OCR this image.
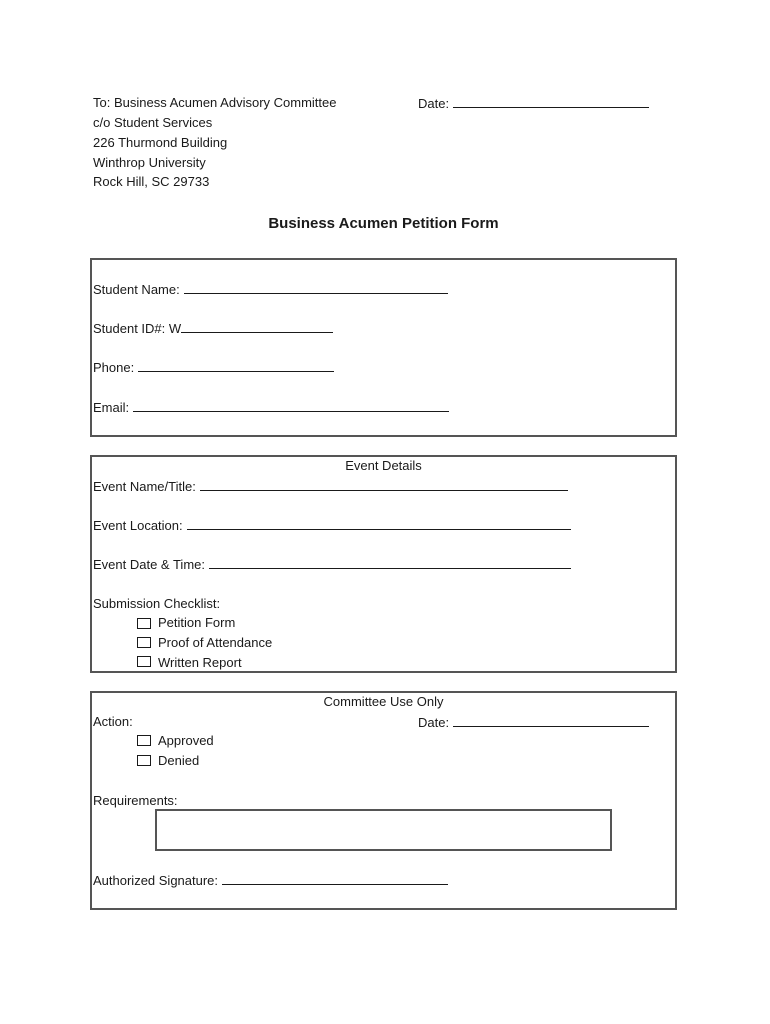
To: Business Acumen Advisory Committee
c/o Student Services
226 Thurmond Building
Winthrop University
Rock Hill, SC 29733
Date:
Business Acumen Petition Form
Student Name:
Student ID#: W
Phone:
Email:
Event Details
Event Name/Title:
Event Location:
Event Date & Time:
Submission Checklist:
Petition Form
Proof of Attendance
Written Report
Committee Use Only
Action:	Date:
Approved
Denied
Requirements:
Authorized Signature:
